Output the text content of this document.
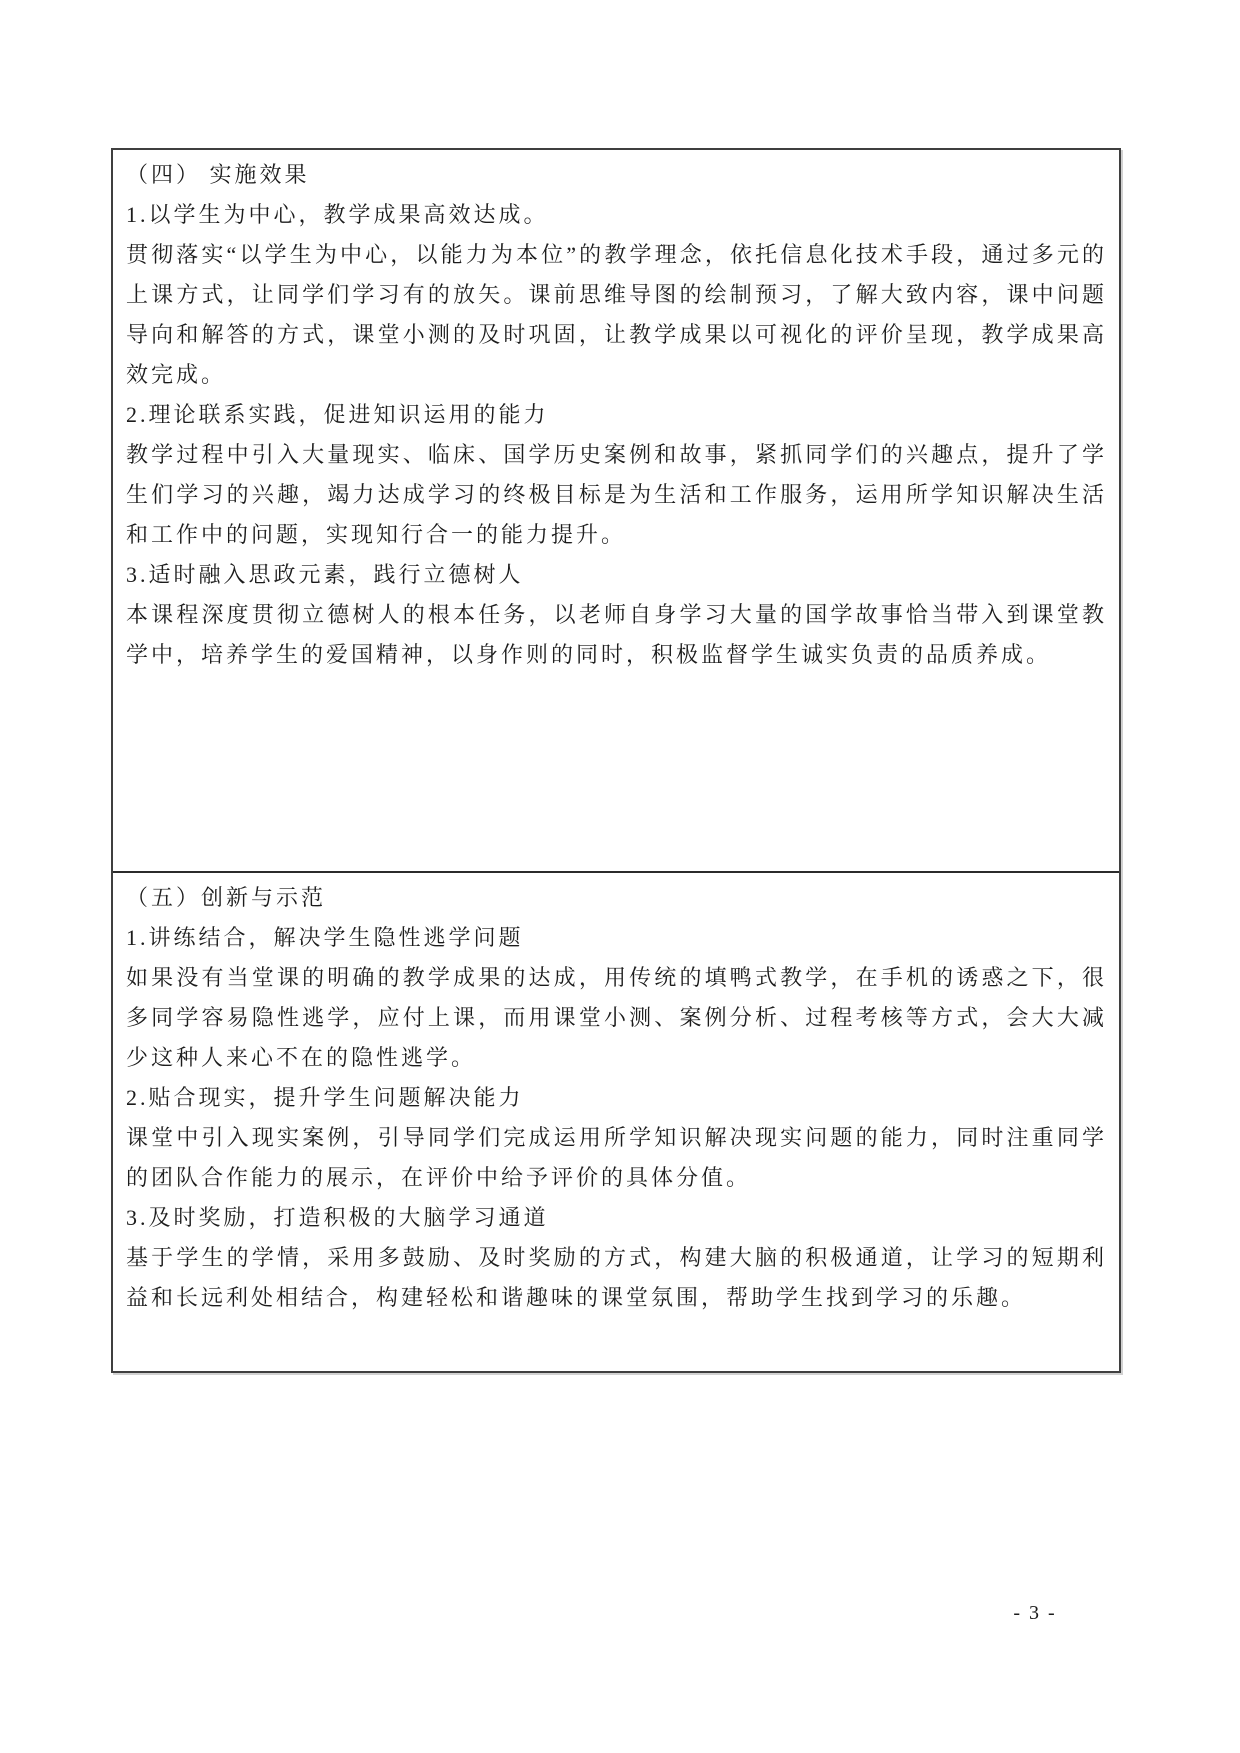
（四） 实施效果

1.以学生为中心，教学成果高效达成。

贯彻落实“以学生为中心，以能力为本位”的教学理念，依托信息化技术手段，通过多元的上课方式，让同学们学习有的放矢。课前思维导图的绘制预习，了解大致内容，课中问题导向和解答的方式，课堂小测的及时巩固，让教学成果以可视化的评价呈现，教学成果高效完成。

2.理论联系实践，促进知识运用的能力

教学过程中引入大量现实、临床、国学历史案例和故事，紧抓同学们的兴趣点，提升了学生们学习的兴趣，竭力达成学习的终极目标是为生活和工作服务，运用所学知识解决生活和工作中的问题，实现知行合一的能力提升。

3.适时融入思政元素，践行立德树人

本课程深度贯彻立德树人的根本任务，以老师自身学习大量的国学故事恰当带入到课堂教学中，培养学生的爱国精神，以身作则的同时，积极监督学生诚实负责的品质养成。

（五）创新与示范

1.讲练结合，解决学生隐性逃学问题

如果没有当堂课的明确的教学成果的达成，用传统的填鸭式教学，在手机的诱惑之下，很多同学容易隐性逃学，应付上课，而用课堂小测、案例分析、过程考核等方式，会大大减少这种人来心不在的隐性逃学。

2.贴合现实，提升学生问题解决能力

课堂中引入现实案例，引导同学们完成运用所学知识解决现实问题的能力，同时注重同学的团队合作能力的展示，在评价中给予评价的具体分值。

3.及时奖励，打造积极的大脑学习通道

基于学生的学情，采用多鼓励、及时奖励的方式，构建大脑的积极通道，让学习的短期利益和长远利处相结合，构建轻松和谐趣味的课堂氛围，帮助学生找到学习的乐趣。

- 3 -
